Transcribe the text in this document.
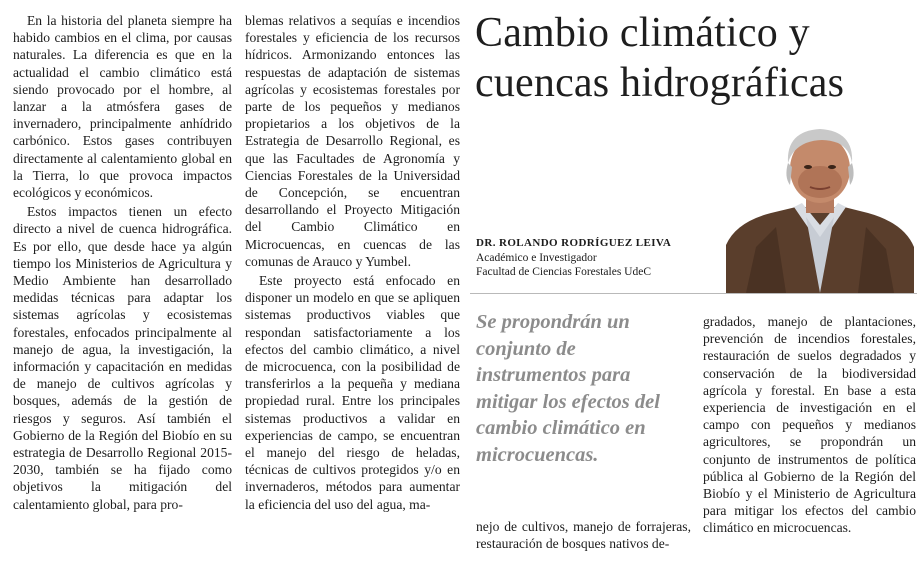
En la historia del planeta siempre ha habido cambios en el clima, por causas naturales. La diferencia es que en la actualidad el cambio climático está siendo provocado por el hombre, al lanzar a la atmósfera gases de invernadero, principalmente anhídrido carbónico. Estos gases contribuyen directamente al calentamiento global en la Tierra, lo que provoca impactos ecológicos y económicos.

Estos impactos tienen un efecto directo a nivel de cuenca hidrográfica. Es por ello, que desde hace ya algún tiempo los Ministerios de Agricultura y Medio Ambiente han desarrollado medidas técnicas para adaptar los sistemas agrícolas y ecosistemas forestales, enfocados principalmente al manejo de agua, la investigación, la información y capacitación en medidas de manejo de cultivos agrícolas y bosques, además de la gestión de riesgos y seguros. Así también el Gobierno de la Región del Biobío en su estrategia de Desarrollo Regional 2015-2030, también se ha fijado como objetivos la mitigación del calentamiento global, para pro-

blemas relativos a sequías e incendios forestales y eficiencia de los recursos hídricos. Armonizando entonces las respuestas de adaptación de sistemas agrícolas y ecosistemas forestales por parte de los pequeños y medianos propietarios a los objetivos de la Estrategia de Desarrollo Regional, es que las Facultades de Agronomía y Ciencias Forestales de la Universidad de Concepción, se encuentran desarrollando el Proyecto Mitigación del Cambio Climático en Microcuencas, en cuencas de las comunas de Arauco y Yumbel.

Este proyecto está enfocado en disponer un modelo en que se apliquen sistemas productivos viables que respondan satisfactoriamente a los efectos del cambio climático, a nivel de microcuenca, con la posibilidad de transferirlos a la pequeña y mediana propiedad rural. Entre los principales sistemas productivos a validar en experiencias de campo, se encuentran el manejo del riesgo de heladas, técnicas de cultivos protegidos y/o en invernaderos, métodos para aumentar la eficiencia del uso del agua, ma-

Cambio climático y
cuencas hidrográficas
DR. ROLANDO RODRÍGUEZ LEIVA
Académico e Investigador
Facultad de Ciencias Forestales UdeC

Se propondrán un conjunto de instrumentos para mitigar los efectos del cambio climático en microcuencas.

nejo de cultivos, manejo de forrajeras, restauración de bosques nativos de-

gradados, manejo de plantaciones, prevención de incendios forestales, restauración de suelos degradados y conservación de la biodiversidad agrícola y forestal. En base a esta experiencia de investigación en el campo con pequeños y medianos agricultores, se propondrán un conjunto de instrumentos de política pública al Gobierno de la Región del Biobío y el Ministerio de Agricultura para mitigar los efectos del cambio climático en microcuencas.
